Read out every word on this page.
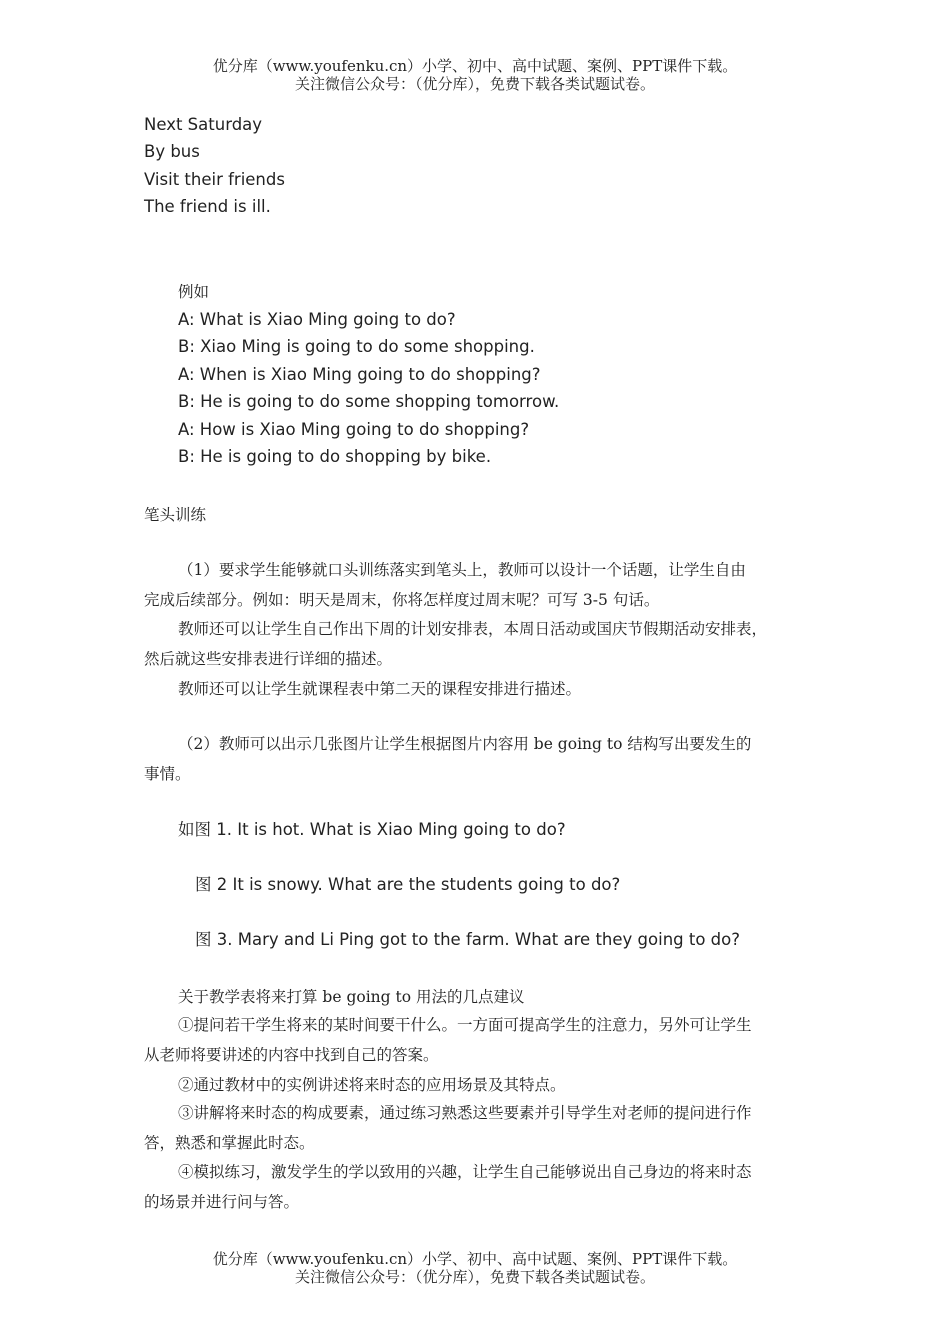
优分库（www.youfenku.cn）小学、初中、高中试题、案例、PPT课件下载。
关注微信公众号：（优分库），免费下载各类试题试卷。
Next Saturday
By bus
Visit their friends
The friend is ill.
例如
A: What is Xiao Ming going to do?
B: Xiao Ming is going to do some shopping.
A: When is Xiao Ming going to do shopping?
B: He is going to do some shopping tomorrow.
A: How is Xiao Ming going to do shopping?
B: He is going to do shopping by bike.
笔头训练
（1）要求学生能够就口头训练落实到笔头上，教师可以设计一个话题，让学生自由
完成后续部分。例如：明天是周末，你将怎样度过周末呢？可写 3-5 句话。
教师还可以让学生自己作出下周的计划安排表，本周日活动或国庆节假期活动安排表，
然后就这些安排表进行详细的描述。
教师还可以让学生就课程表中第二天的课程安排进行描述。
（2）教师可以出示几张图片让学生根据图片内容用 be going to 结构写出要发生的
事情。
如图 1. It is hot. What is Xiao Ming going to do?
图 2 It is snowy. What are the students going to do?
图 3. Mary and Li Ping got to the farm. What are they going to do?
关于教学表将来打算 be going to 用法的几点建议
①提问若干学生将来的某时间要干什么。一方面可提高学生的注意力，另外可让学生
从老师将要讲述的内容中找到自己的答案。
②通过教材中的实例讲述将来时态的应用场景及其特点。
③讲解将来时态的构成要素，通过练习熟悉这些要素并引导学生对老师的提问进行作
答，熟悉和掌握此时态。
④模拟练习，激发学生的学以致用的兴趣，让学生自己能够说出自己身边的将来时态
的场景并进行问与答。
优分库（www.youfenku.cn）小学、初中、高中试题、案例、PPT课件下载。
关注微信公众号：（优分库），免费下载各类试题试卷。
